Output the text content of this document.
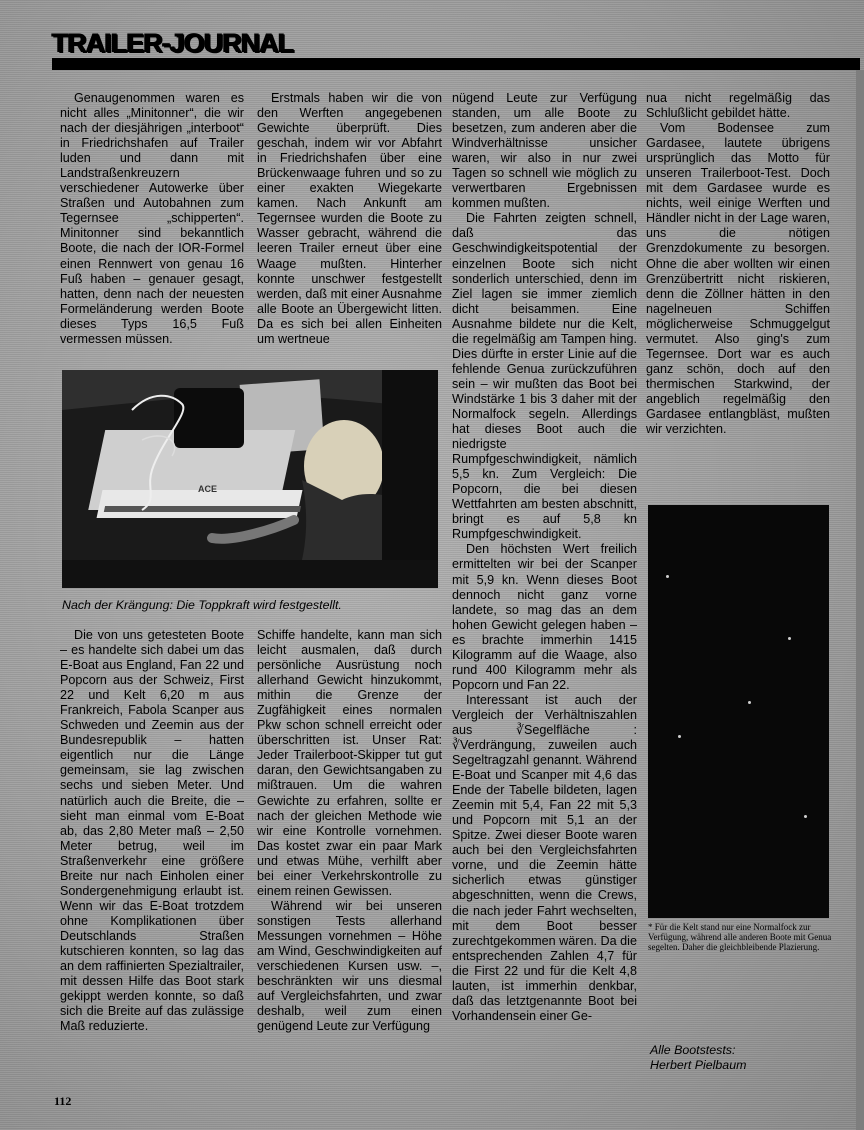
TRAILER-JOURNAL

Genaugenommen waren es nicht alles „Minitonner“, die wir nach der diesjährigen „interboot“ in Friedrichshafen auf Trailer luden und dann mit Landstraßenkreuzern verschiedener Autowerke über Straßen und Autobahnen zum Tegernsee „schipperten“. Minitonner sind bekanntlich Boote, die nach der IOR-Formel einen Rennwert von genau 16 Fuß haben – genauer gesagt, hatten, denn nach der neuesten Formeländerung werden Boote dieses Typs 16,5 Fuß vermessen müssen.

Erstmals haben wir die von den Werften angegebenen Gewichte überprüft. Dies geschah, indem wir vor Abfahrt in Friedrichshafen über eine Brückenwaage fuhren und so zu einer exakten Wiegekarte kamen. Nach Ankunft am Tegernsee wurden die Boote zu Wasser gebracht, während die leeren Trailer erneut über eine Waage mußten. Hinterher konnte unschwer festgestellt werden, daß mit einer Ausnahme alle Boote an Übergewicht litten. Da es sich bei allen Einheiten um wertneue

ACE
Nach der Krängung: Die Toppkraft wird festgestellt.

Die von uns getesteten Boote – es handelte sich dabei um das E-Boat aus England, Fan 22 und Popcorn aus der Schweiz, First 22 und Kelt 6,20 m aus Frankreich, Fabola Scanper aus Schweden und Zeemin aus der Bundesrepublik – hatten eigentlich nur die Länge gemeinsam, sie lag zwischen sechs und sieben Meter. Und natürlich auch die Breite, die – sieht man einmal vom E-Boat ab, das 2,80 Meter maß – 2,50 Meter betrug, weil im Straßenverkehr eine größere Breite nur nach Einholen einer Sondergenehmigung erlaubt ist. Wenn wir das E-Boat trotzdem ohne Komplikationen über Deutschlands Straßen kutschieren konnten, so lag das an dem raffinierten Spezialtrailer, mit dessen Hilfe das Boot stark gekippt werden konnte, so daß sich die Breite auf das zulässige Maß reduzierte.

Schiffe handelte, kann man sich leicht ausmalen, daß durch persönliche Ausrüstung noch allerhand Gewicht hinzukommt, mithin die Grenze der Zugfähigkeit eines normalen Pkw schon schnell erreicht oder überschritten ist. Unser Rat: Jeder Trailerboot-Skipper tut gut daran, den Gewichtsangaben zu mißtrauen. Um die wahren Gewichte zu erfahren, sollte er nach der gleichen Methode wie wir eine Kontrolle vornehmen. Das kostet zwar ein paar Mark und etwas Mühe, verhilft aber bei einer Verkehrskontrolle zu einem reinen Gewissen.

Während wir bei unseren sonstigen Tests allerhand Messungen vornehmen – Höhe am Wind, Geschwindigkeiten auf verschiedenen Kursen usw. –, beschränkten wir uns diesmal auf Vergleichsfahrten, und zwar deshalb, weil zum einen genügend Leute zur Verfügung

nügend Leute zur Verfügung standen, um alle Boote zu besetzen, zum anderen aber die Windverhältnisse unsicher waren, wir also in nur zwei Tagen so schnell wie möglich zu verwertbaren Ergebnissen kommen mußten.

Die Fahrten zeigten schnell, daß das Geschwindigkeitspotential der einzelnen Boote sich nicht sonderlich unterschied, denn im Ziel lagen sie immer ziemlich dicht beisammen. Eine Ausnahme bildete nur die Kelt, die regelmäßig am Tampen hing. Dies dürfte in erster Linie auf die fehlende Genua zurückzuführen sein – wir mußten das Boot bei Windstärke 1 bis 3 daher mit der Normalfock segeln. Allerdings hat dieses Boot auch die niedrigste Rumpfgeschwindigkeit, nämlich 5,5 kn. Zum Vergleich: Die Popcorn, die bei diesen Wettfahrten am besten abschnitt, bringt es auf 5,8 kn Rumpfgeschwindigkeit.

Den höchsten Wert freilich ermittelten wir bei der Scanper mit 5,9 kn. Wenn dieses Boot dennoch nicht ganz vorne landete, so mag das an dem hohen Gewicht gelegen haben – es brachte immerhin 1415 Kilogramm auf die Waage, also rund 400 Kilogramm mehr als Popcorn und Fan 22.

Interessant ist auch der Vergleich der Verhältniszahlen aus ∛Segelfläche : ∛Verdrängung, zuweilen auch Segeltragzahl genannt. Während E-Boat und Scanper mit 4,6 das Ende der Tabelle bildeten, lagen Zeemin mit 5,4, Fan 22 mit 5,3 und Popcorn mit 5,1 an der Spitze. Zwei dieser Boote waren auch bei den Vergleichsfahrten vorne, und die Zeemin hätte sicherlich etwas günstiger abgeschnitten, wenn die Crews, die nach jeder Fahrt wechselten, mit dem Boot besser zurechtgekommen wären. Da die entsprechenden Zahlen 4,7 für die First 22 und für die Kelt 4,8 lauten, ist immerhin denkbar, daß das letztgenannte Boot bei Vorhandensein einer Ge-

nua nicht regelmäßig das Schlußlicht gebildet hätte.

Vom Bodensee zum Gardasee, lautete übrigens ursprünglich das Motto für unseren Trailerboot-Test. Doch mit dem Gardasee wurde es nichts, weil einige Werften und Händler nicht in der Lage waren, uns die nötigen Grenzdokumente zu besorgen. Ohne die aber wollten wir einen Grenzübertritt nicht riskieren, denn die Zöllner hätten in den nagelneuen Schiffen möglicherweise Schmuggelgut vermutet. Also ging's zum Tegernsee. Dort war es auch ganz schön, doch auf den thermischen Starkwind, der angeblich regelmäßig den Gardasee entlangbläst, mußten wir verzichten.

* Für die Kelt stand nur eine Normalfock zur Verfügung, während alle anderen Boote mit Genua segelten. Daher die gleichbleibende Plazierung.
Alle Bootstests:
Herbert Pielbaum
112
